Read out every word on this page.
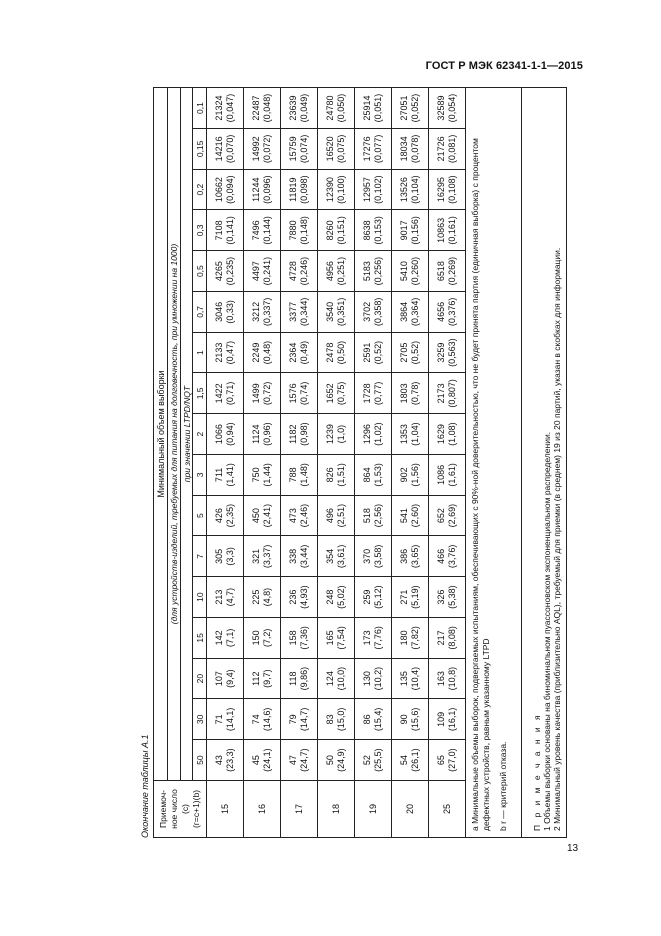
ГОСТ Р МЭК 62341-1-1—2015
Окончание таблицы А.1 Приемоч- ное число (с) (г=с+1)(b)	Минимальный объем выборки																
	(для устройств-изделий, требуемых для питания на долговечность, при умножении на 1000)																
	при значении LTPD/NQT																
	50	30	20	15	10	7	5	3	2	1,5	1	0,7	0,5	0,3	0,2	0,15	0,1
15	43 (23,3)	71 (14,1)	107 (9,4)	142 (7,1)	213 (4,7)	305 (3,3)	426 (2,35)	711 (1,41)	1066 (0,94)	1422 (0,71)	2133 (0,47)	3046 (0,33)	4265 (0,235)	7108 (0,141)	10662 (0,094)	14216 (0,070)	21324 (0,047)

16	45 (24,1)	74 (14,6)	112 (9,7)	150 (7,2)	225 (4,8)	321 (3,37)	450 (2,41)	750 (1,44)	1124 (0,96)	1499 (0,72)	2249 (0,48)	3212 (0,337)	4497 (0,241)	7496 (0,144)	11244 (0,096)	14992 (0,072)	22487 (0,048)

17	47 (24,7)	79 (14,7)	118 (9,86)	158 (7,36)	236 (4,93)	338 (3,44)	473 (2,46)	788 (1,48)	1182 (0,98)	1576 (0,74)	2364 (0,49)	3377 (0,344)	4728 (0,246)	7880 (0,148)	11819 (0,098)	15759 (0,074)	23639 (0,049)

18	50 (24,9)	83 (15,0)	124 (10,0)	165 (7,54)	248 (5,02)	354 (3,61)	496 (2,51)	826 (1,51)	1239 (1,0)	1652 (0,75)	2478 (0,50)	3540 (0,351)	4956 (0,251)	8260 (0,151)	12390 (0,100)	16520 (0,075)	24780 (0,050)

19	52 (25,5)	86 (15,4)	130 (10,2)	173 (7,76)	259 (5,12)	370 (3,58)	518 (2,56)	864 (1,53)	1296 (1,02)	1728 (0,77)	2591 (0,52)	3702 (0,358)	5183 (0,256)	8638 (0,153)	12957 (0,102)	17276 (0,077)	25914 (0,051)

20	54 (26,1)	90 (15,6)	135 (10,4)	180 (7,82)	271 (5,19)	386 (3,65)	541 (2,60)	902 (1,56)	1353 (1,04)	1803 (0,78)	2705 (0,52)	3864 (0,364)	5410 (0,260)	9017 (0,156)	13526 (0,104)	18034 (0,078)	27051 (0,052)

25	65 (27,0)	109 (16,1)	163 (10,8)	217 (8,08)	326 (5,38)	466 (3,76)	652 (2,69)	1086 (1,61)	1629 (1,08)	2173 (0,807)	3259 (0,563)	4656 (0,376)	6518 (0,269)	10863 (0,161)	16295 (0,108)	21726 (0,081)	32589 (0,054)

а Минимальные объемы выборок, подвергаемых испытаниям, обеспечивающих с 90%-ной доверительностью, что не будет принята партия (единичная выборка) с процентом дефектных устройств, равным указанному LTPD b r — критерий отказа.																	

П р и м е ч а н и я 1 Объемы выборки основаны на биноминальном пуассоновском экспоненциальном распределении. 2 Минимальный уровень качества (приблизительно AQL), требуемый для приемки (в среднем) 19 из 20 партий, указан в скобках для информации.																	
13
